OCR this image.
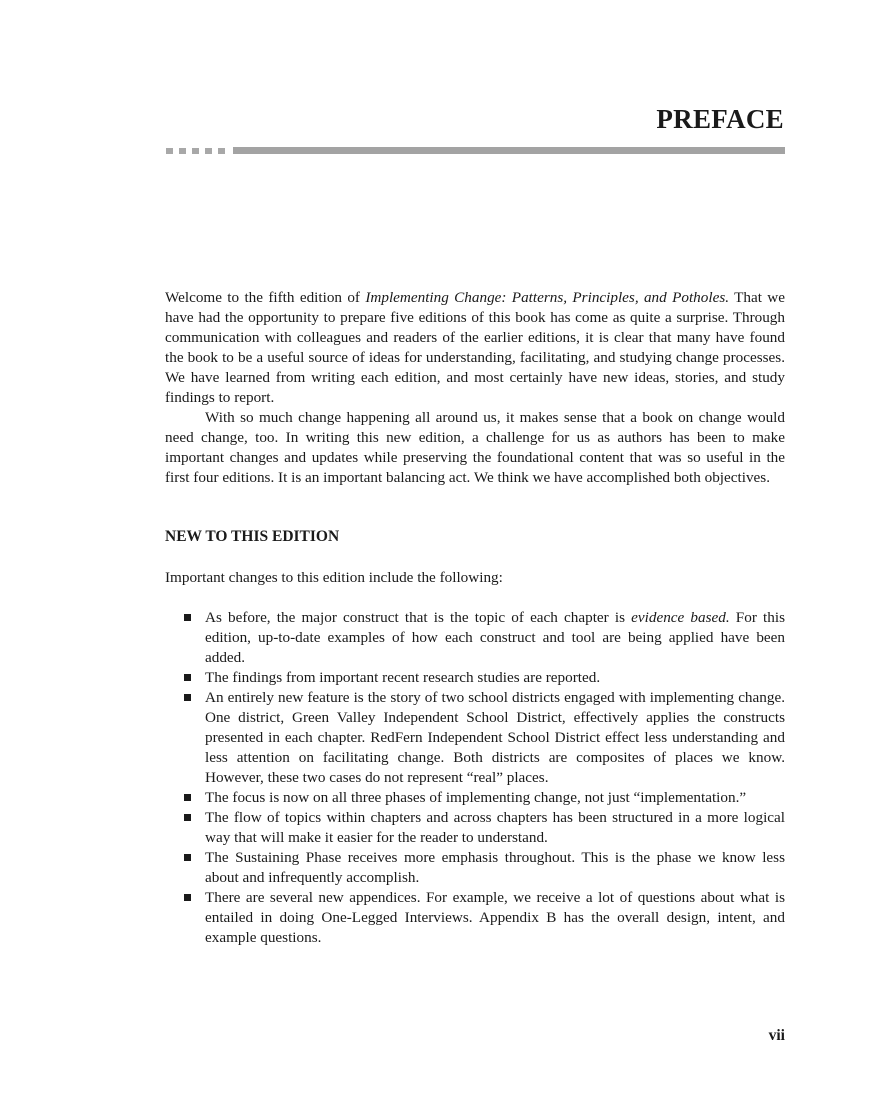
PREFACE

Welcome to the fifth edition of Implementing Change: Patterns, Principles, and Potholes. That we have had the opportunity to prepare five editions of this book has come as quite a surprise. Through communication with colleagues and readers of the earlier editions, it is clear that many have found the book to be a useful source of ideas for understanding, facilitating, and studying change processes. We have learned from writing each edition, and most certainly have new ideas, stories, and study findings to report.

With so much change happening all around us, it makes sense that a book on change would need change, too. In writing this new edition, a challenge for us as authors has been to make important changes and updates while preserving the foundational content that was so useful in the first four editions. It is an important balancing act. We think we have accomplished both objectives.

NEW TO THIS EDITION

Important changes to this edition include the following:

As before, the major construct that is the topic of each chapter is evidence based. For this edition, up-to-date examples of how each construct and tool are being applied have been added.
The findings from important recent research studies are reported.
An entirely new feature is the story of two school districts engaged with implementing change. One district, Green Valley Independent School District, effectively applies the constructs presented in each chapter. RedFern Independent School District effect less understanding and less attention on facilitating change. Both districts are composites of places we know. However, these two cases do not represent “real” places.
The focus is now on all three phases of implementing change, not just “implementation.”
The flow of topics within chapters and across chapters has been structured in a more logical way that will make it easier for the reader to understand.
The Sustaining Phase receives more emphasis throughout. This is the phase we know less about and infrequently accomplish.
There are several new appendices. For example, we receive a lot of questions about what is entailed in doing One-Legged Interviews. Appendix B has the overall design, intent, and example questions.
vii
